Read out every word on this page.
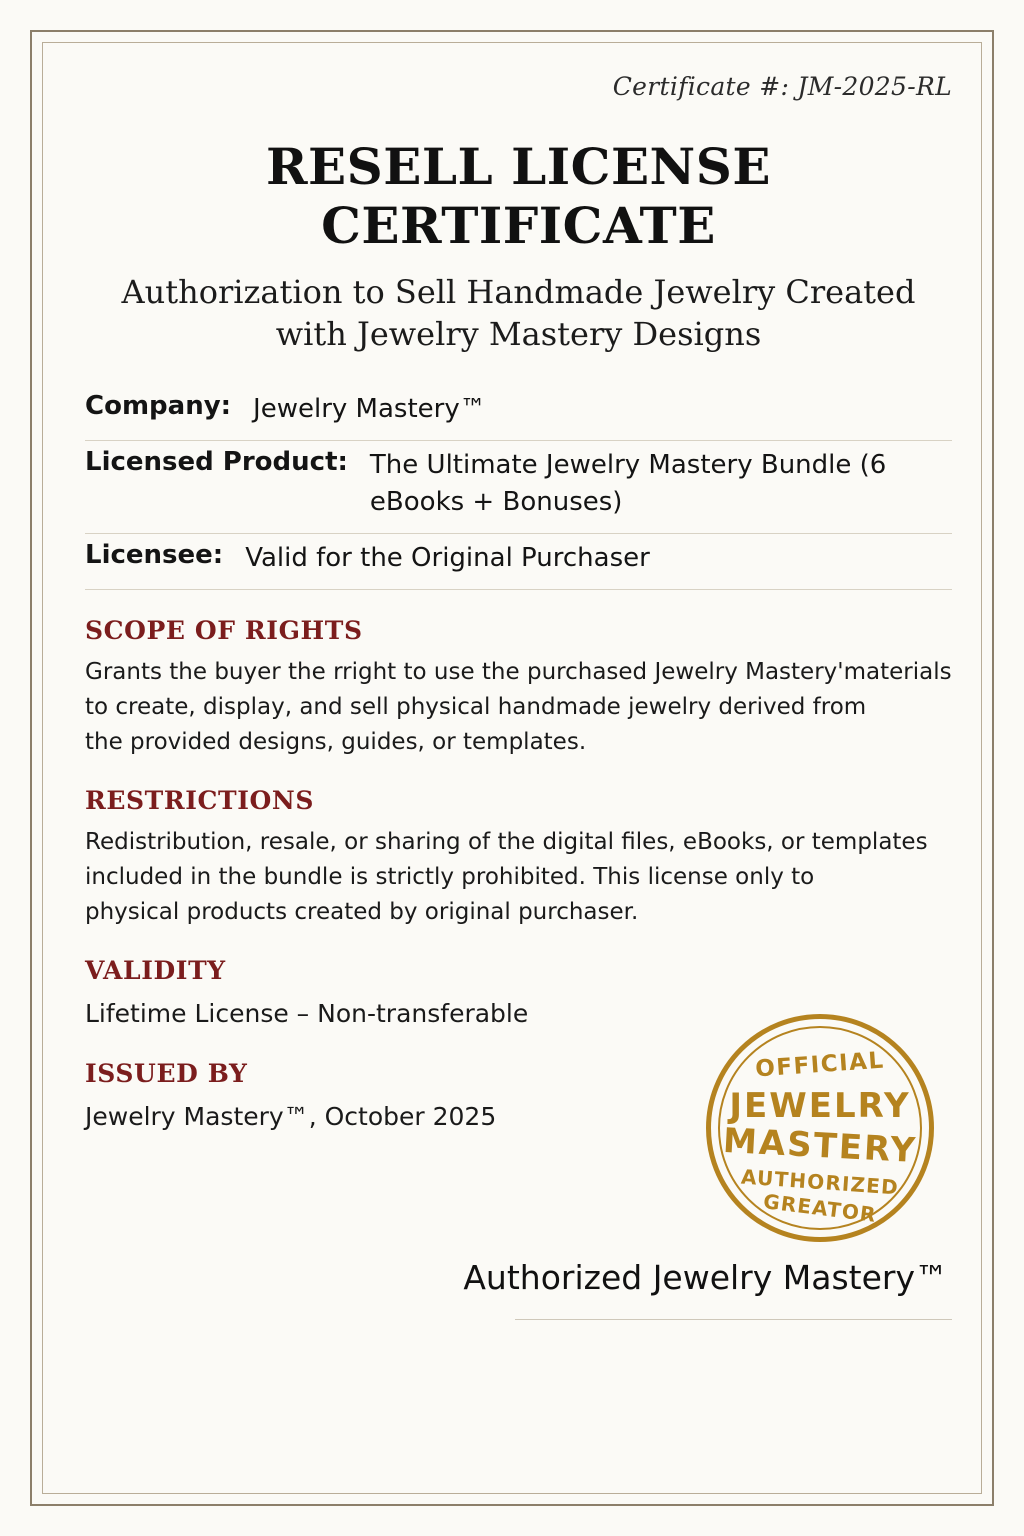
Certificate #: JM-2025-RL
RESELL LICENSE CERTIFICATE
Authorization to Sell Handmade Jewelry Created with Jewelry Mastery Designs
Company: Jewelry Mastery™
Licensed Product: The Ultimate Jewelry Mastery Bundle (6 eBooks + Bonuses)
Licensee: Valid for the Original Purchaser
SCOPE OF RIGHTS
Grants the buyer the rright to use the purchased Jewelry Mastery'materials
to create, display, and sell physical handmade jewelry derived from
the provided designs, guides, or templates.
RESTRICTIONS
Redistribution, resale, or sharing of the digital files, eBooks, or templates
included in the bundle is strictly prohibited. This license only to
physical products created by original purchaser.
VALIDITY
Lifetime License – Non-transferable
ISSUED BY
Jewelry Mastery™, October 2025
OFFICIAL
JEWELRY
MASTERY
AUTHORIZED
GREATOR
Authorized Jewelry Mastery™
